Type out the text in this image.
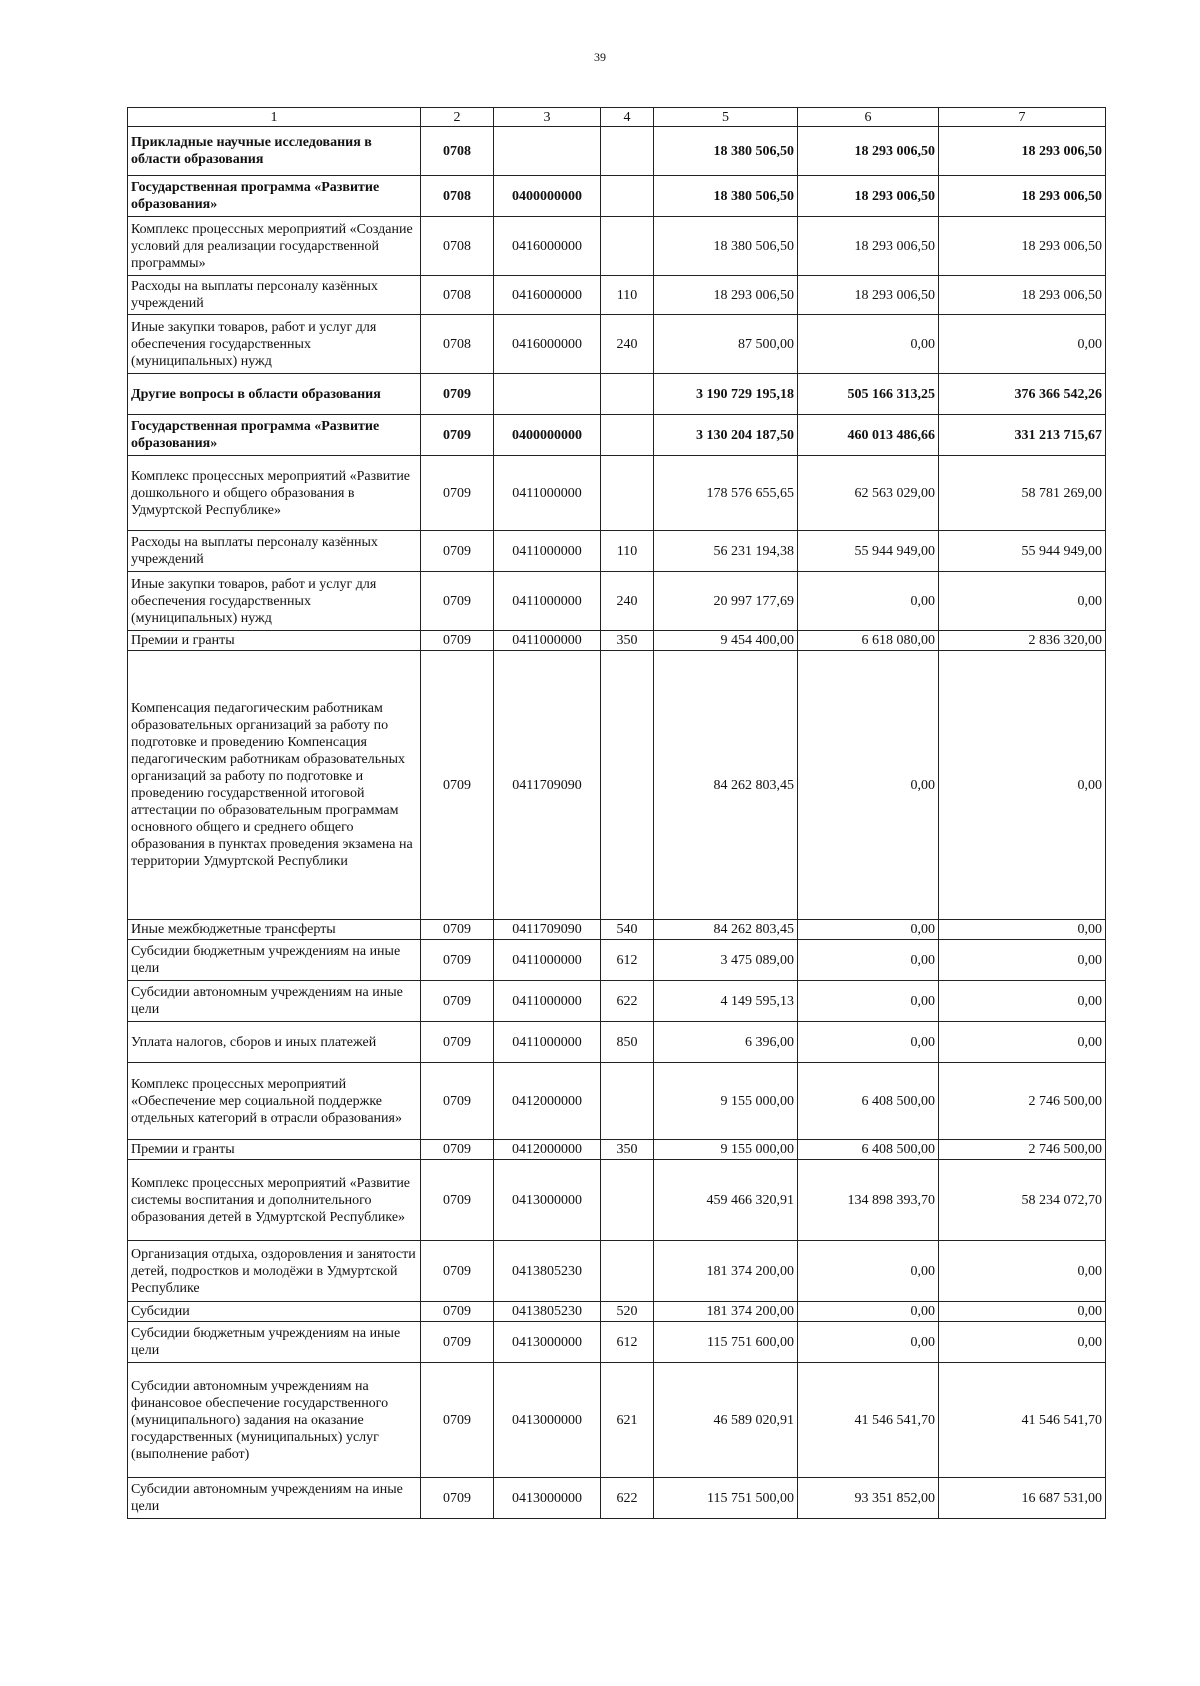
39
1	2	3	4	5	6	7
Прикладные научные исследования в области образования	0708			18 380 506,50	18 293 006,50	18 293 006,50
Государственная программа «Развитие образования»	0708	0400000000		18 380 506,50	18 293 006,50	18 293 006,50
Комплекс процессных мероприятий «Создание условий для реализации государственной программы»	0708	0416000000		18 380 506,50	18 293 006,50	18 293 006,50
Расходы на выплаты персоналу казённых учреждений	0708	0416000000	110	18 293 006,50	18 293 006,50	18 293 006,50
Иные закупки товаров, работ и услуг для обеспечения государственных (муниципальных) нужд	0708	0416000000	240	87 500,00	0,00	0,00
Другие вопросы в области образования	0709			3 190 729 195,18	505 166 313,25	376 366 542,26
Государственная программа «Развитие образования»	0709	0400000000		3 130 204 187,50	460 013 486,66	331 213 715,67
Комплекс процессных мероприятий «Развитие дошкольного и общего образования в Удмуртской Республике»	0709	0411000000		178 576 655,65	62 563 029,00	58 781 269,00
Расходы на выплаты персоналу казённых учреждений	0709	0411000000	110	56 231 194,38	55 944 949,00	55 944 949,00
Иные закупки товаров, работ и услуг для обеспечения государственных (муниципальных) нужд	0709	0411000000	240	20 997 177,69	0,00	0,00
Премии и гранты	0709	0411000000	350	9 454 400,00	6 618 080,00	2 836 320,00
Компенсация педагогическим работникам образовательных организаций за работу по подготовке и проведению Компенсация педагогическим работникам образовательных организаций за работу по подготовке и проведению государственной итоговой аттестации по образовательным программам основного общего и среднего общего образования в пунктах проведения экзамена на территории Удмуртской Республики	0709	0411709090		84 262 803,45	0,00	0,00
Иные межбюджетные трансферты	0709	0411709090	540	84 262 803,45	0,00	0,00
Субсидии бюджетным учреждениям на иные цели	0709	0411000000	612	3 475 089,00	0,00	0,00
Субсидии автономным учреждениям на иные цели	0709	0411000000	622	4 149 595,13	0,00	0,00
Уплата налогов, сборов и иных платежей	0709	0411000000	850	6 396,00	0,00	0,00
Комплекс процессных мероприятий «Обеспечение мер социальной поддержке отдельных категорий в отрасли образования»	0709	0412000000		9 155 000,00	6 408 500,00	2 746 500,00
Премии и гранты	0709	0412000000	350	9 155 000,00	6 408 500,00	2 746 500,00
Комплекс процессных мероприятий «Развитие системы воспитания и дополнительного образования детей в Удмуртской Республике»	0709	0413000000		459 466 320,91	134 898 393,70	58 234 072,70
Организация отдыха, оздоровления и занятости детей, подростков и молодёжи в Удмуртской Республике	0709	0413805230		181 374 200,00	0,00	0,00
Субсидии	0709	0413805230	520	181 374 200,00	0,00	0,00
Субсидии бюджетным учреждениям на иные цели	0709	0413000000	612	115 751 600,00	0,00	0,00
Субсидии автономным учреждениям на финансовое обеспечение государственного (муниципального) задания на оказание государственных (муниципальных) услуг (выполнение работ)	0709	0413000000	621	46 589 020,91	41 546 541,70	41 546 541,70
Субсидии автономным учреждениям на иные цели	0709	0413000000	622	115 751 500,00	93 351 852,00	16 687 531,00
